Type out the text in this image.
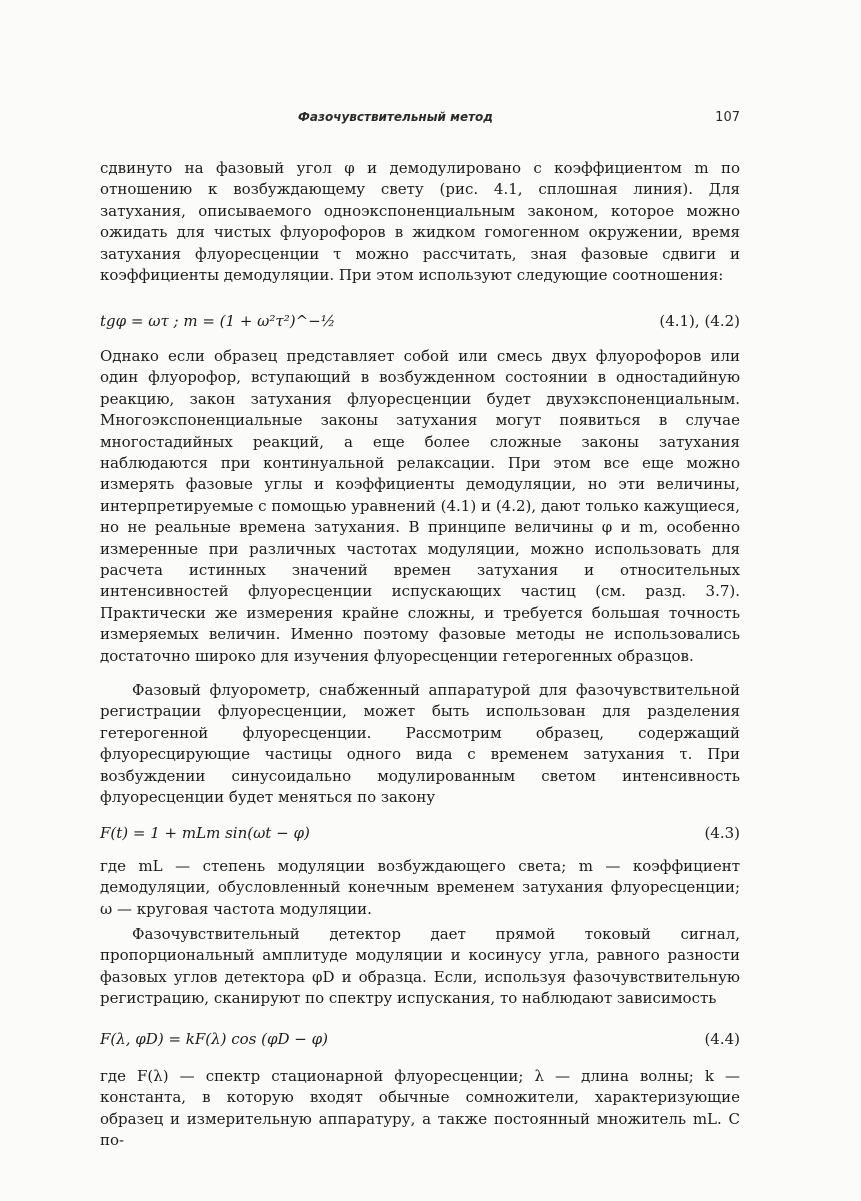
Фазочувствительный метод	107

сдвинуто на фазовый угол φ и демодулировано с коэффициентом m по отношению к возбуждающему свету (рис. 4.1, сплошная линия). Для затухания, описываемого одноэкспоненциальным законом, которое можно ожидать для чистых флуорофоров в жидком гомогенном окружении, время затухания флуоресценции τ можно рассчитать, зная фазовые сдвиги и коэффициенты демодуляции. При этом используют следующие соотношения:

tgφ = ωτ ; m = (1 + ω²τ²)^−½	(4.1), (4.2)

Однако если образец представляет собой или смесь двух флуорофоров или один флуорофор, вступающий в возбужденном состоянии в одностадийную реакцию, закон затухания флуоресценции будет двухэкспоненциальным. Многоэкспоненциальные законы затухания могут появиться в случае многостадийных реакций, а еще более сложные законы затухания наблюдаются при континуальной релаксации. При этом все еще можно измерять фазовые углы и коэффициенты демодуляции, но эти величины, интерпретируемые с помощью уравнений (4.1) и (4.2), дают только кажущиеся, но не реальные времена затухания. В принципе величины φ и m, особенно измеренные при различных частотах модуляции, можно использовать для расчета истинных значений времен затухания и относительных интенсивностей флуоресценции испускающих частиц (см. разд. 3.7). Практически же измерения крайне сложны, и требуется большая точность измеряемых величин. Именно поэтому фазовые методы не использовались достаточно широко для изучения флуоресценции гетерогенных образцов.

Фазовый флуорометр, снабженный аппаратурой для фазочувствительной регистрации флуоресценции, может быть использован для разделения гетерогенной флуоресценции. Рассмотрим образец, содержащий флуоресцирующие частицы одного вида с временем затухания τ. При возбуждении синусоидально модулированным светом интенсивность флуоресценции будет меняться по закону

F(t) = 1 + mLm sin(ωt − φ)	(4.3)

где mL — степень модуляции возбуждающего света; m — коэффициент демодуляции, обусловленный конечным временем затухания флуоресценции; ω — круговая частота модуляции.

Фазочувствительный детектор дает прямой токовый сигнал, пропорциональный амплитуде модуляции и косинусу угла, равного разности фазовых углов детектора φD и образца. Если, используя фазочувствительную регистрацию, сканируют по спектру испускания, то наблюдают зависимость

F(λ, φD) = kF(λ) cos (φD − φ)	(4.4)

где F(λ) — спектр стационарной флуоресценции; λ — длина волны; k — константа, в которую входят обычные сомножители, характеризующие образец и измерительную аппаратуру, а также постоянный множитель mL. С по-
